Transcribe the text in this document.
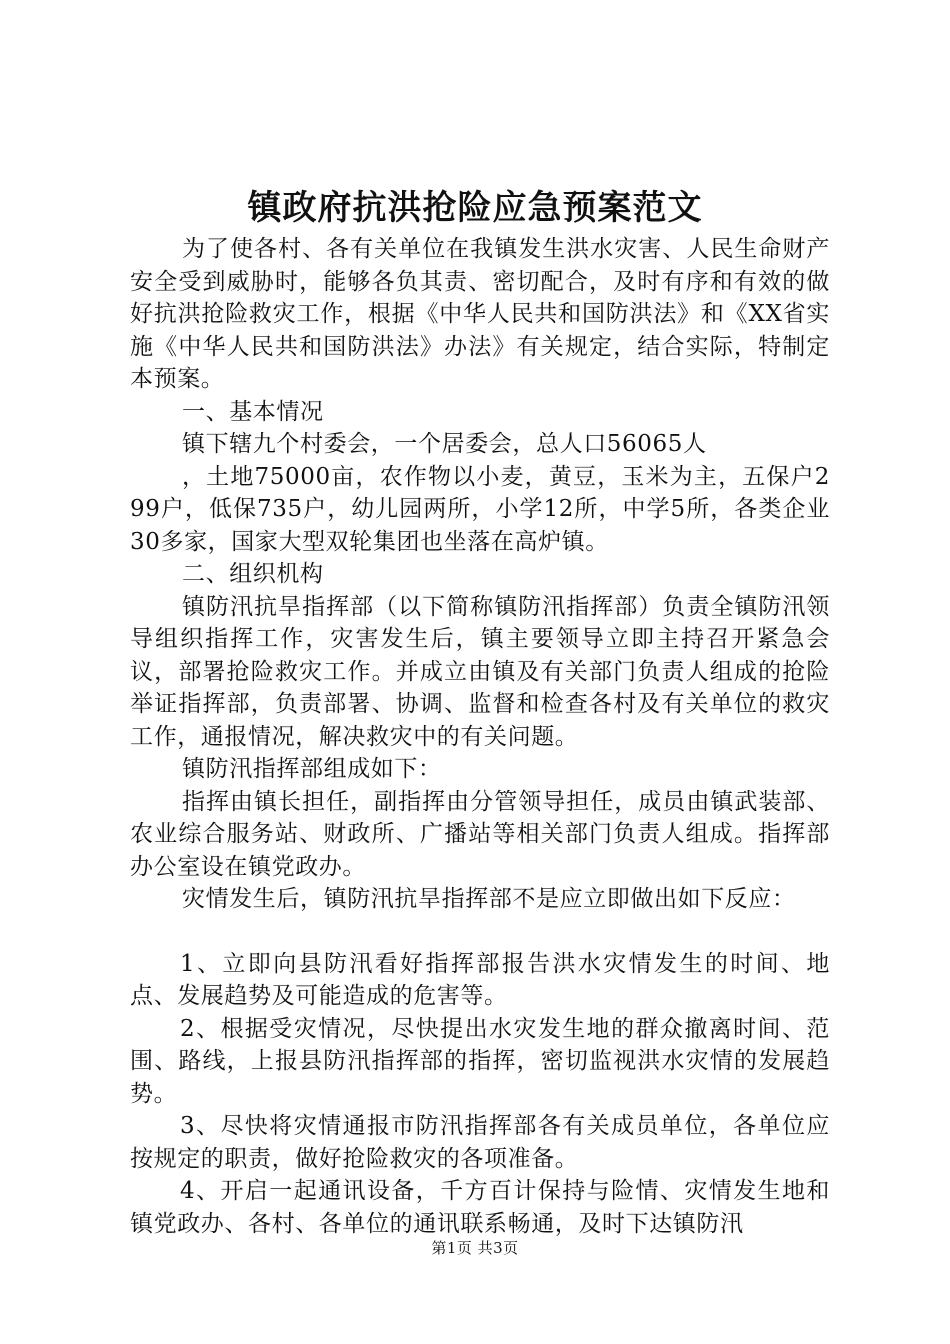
镇政府抗洪抢险应急预案范文

为了使各村、各有关单位在我镇发生洪水灾害、人民生命财产安全受到威胁时，能够各负其责、密切配合，及时有序和有效的做好抗洪抢险救灾工作，根据《中华人民共和国防洪法》和《XX省实施《中华人民共和国防洪法》办法》有关规定，结合实际，特制定本预案。

一、基本情况

镇下辖九个村委会，一个居委会，总人口56065人

，土地75000亩，农作物以小麦，黄豆，玉米为主，五保户299户，低保735户，幼儿园两所，小学12所，中学5所，各类企业30多家，国家大型双轮集团也坐落在高炉镇。

二、组织机构

镇防汛抗旱指挥部（以下简称镇防汛指挥部）负责全镇防汛领导组织指挥工作，灾害发生后，镇主要领导立即主持召开紧急会议，部署抢险救灾工作。并成立由镇及有关部门负责人组成的抢险举证指挥部，负责部署、协调、监督和检查各村及有关单位的救灾工作，通报情况，解决救灾中的有关问题。

镇防汛指挥部组成如下：

指挥由镇长担任，副指挥由分管领导担任，成员由镇武装部、农业综合服务站、财政所、广播站等相关部门负责人组成。指挥部办公室设在镇党政办。

灾情发生后，镇防汛抗旱指挥部不是应立即做出如下反应：

1、立即向县防汛看好指挥部报告洪水灾情发生的时间、地点、发展趋势及可能造成的危害等。

2、根据受灾情况，尽快提出水灾发生地的群众撤离时间、范围、路线，上报县防汛指挥部的指挥，密切监视洪水灾情的发展趋势。

3、尽快将灾情通报市防汛指挥部各有关成员单位，各单位应按规定的职责，做好抢险救灾的各项准备。

4、开启一起通讯设备，千方百计保持与险情、灾情发生地和镇党政办、各村、各单位的通讯联系畅通，及时下达镇防汛

第1页 共3页
